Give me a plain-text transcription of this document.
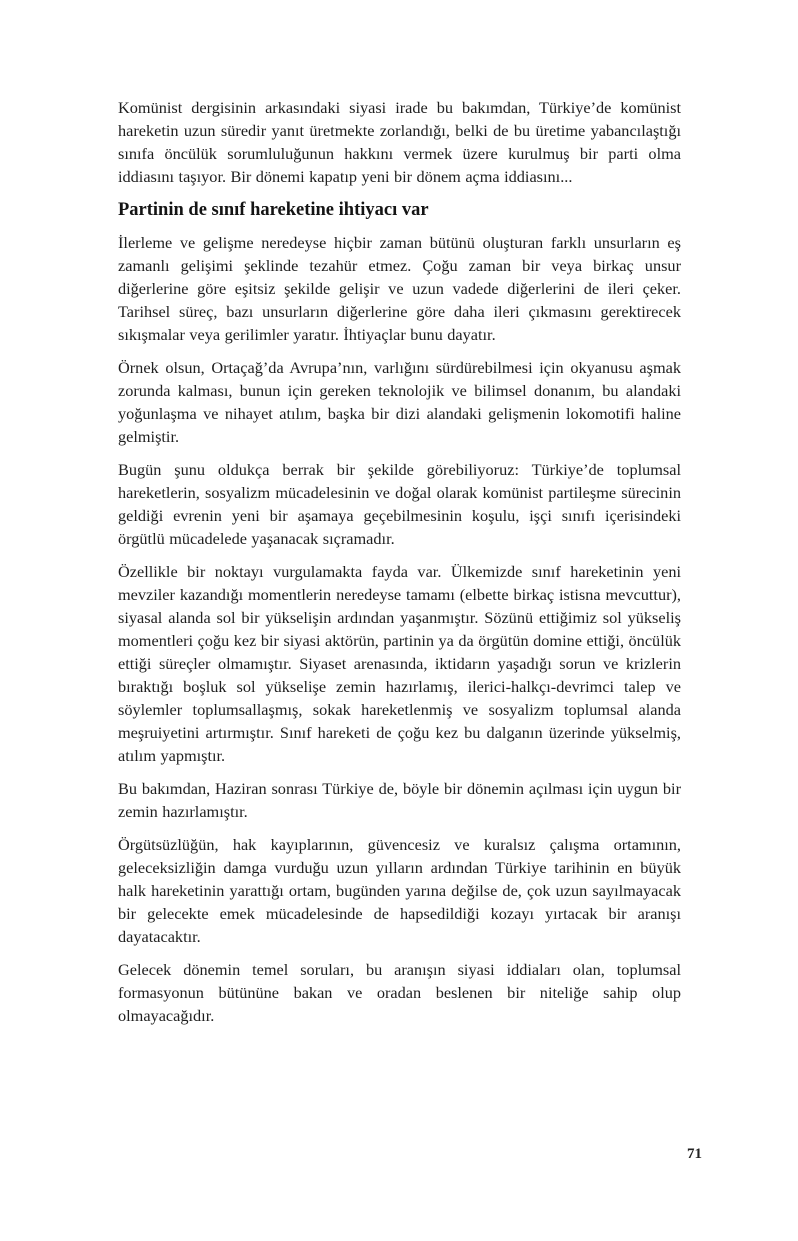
Komünist dergisinin arkasındaki siyasi irade bu bakımdan, Türkiye’de komünist hareketin uzun süredir yanıt üretmekte zorlandığı, belki de bu üretime yabancılaştığı sınıfa öncülük sorumluluğunun hakkını vermek üzere kurulmuş bir parti olma iddiasını taşıyor. Bir dönemi kapatıp yeni bir dönem açma iddiasını...

Partinin de sınıf hareketine ihtiyacı var

İlerleme ve gelişme neredeyse hiçbir zaman bütünü oluşturan farklı unsurların eş zamanlı gelişimi şeklinde tezahür etmez. Çoğu zaman bir veya birkaç unsur diğerlerine göre eşitsiz şekilde gelişir ve uzun vadede diğerlerini de ileri çeker. Tarihsel süreç, bazı unsurların diğerlerine göre daha ileri çıkmasını gerektirecek sıkışmalar veya gerilimler yaratır. İhtiyaçlar bunu dayatır.

Örnek olsun, Ortaçağ’da Avrupa’nın, varlığını sürdürebilmesi için okyanusu aşmak zorunda kalması, bunun için gereken teknolojik ve bilimsel donanım, bu alandaki yoğunlaşma ve nihayet atılım, başka bir dizi alandaki gelişmenin lokomotifi haline gelmiştir.

Bugün şunu oldukça berrak bir şekilde görebiliyoruz: Türkiye’de toplumsal hareketlerin, sosyalizm mücadelesinin ve doğal olarak komünist partileşme sürecinin geldiği evrenin yeni bir aşamaya geçebilmesinin koşulu, işçi sınıfı içerisindeki örgütlü mücadelede yaşanacak sıçramadır.

Özellikle bir noktayı vurgulamakta fayda var. Ülkemizde sınıf hareketinin yeni mevziler kazandığı momentlerin neredeyse tamamı (elbette birkaç istisna mevcuttur), siyasal alanda sol bir yükselişin ardından yaşanmıştır. Sözünü ettiğimiz sol yükseliş momentleri çoğu kez bir siyasi aktörün, partinin ya da örgütün domine ettiği, öncülük ettiği süreçler olmamıştır. Siyaset arenasında, iktidarın yaşadığı sorun ve krizlerin bıraktığı boşluk sol yükselişe zemin hazırlamış, ilerici-halkçı-devrimci talep ve söylemler toplumsallaşmış, sokak hareketlenmiş ve sosyalizm toplumsal alanda meşruiyetini artırmıştır. Sınıf hareketi de çoğu kez bu dalganın üzerinde yükselmiş, atılım yapmıştır.

Bu bakımdan, Haziran sonrası Türkiye de, böyle bir dönemin açılması için uygun bir zemin hazırlamıştır.

Örgütsüzlüğün, hak kayıplarının, güvencesiz ve kuralsız çalışma ortamının, geleceksizliğin damga vurduğu uzun yılların ardından Türkiye tarihinin en büyük halk hareketinin yarattığı ortam, bugünden yarına değilse de, çok uzun sayılmayacak bir gelecekte emek mücadelesinde de hapsedildiği kozayı yırtacak bir aranışı dayatacaktır.

Gelecek dönemin temel soruları, bu aranışın siyasi iddiaları olan, toplumsal formasyonun bütününe bakan ve oradan beslenen bir niteliğe sahip olup olmayacağıdır.

71
